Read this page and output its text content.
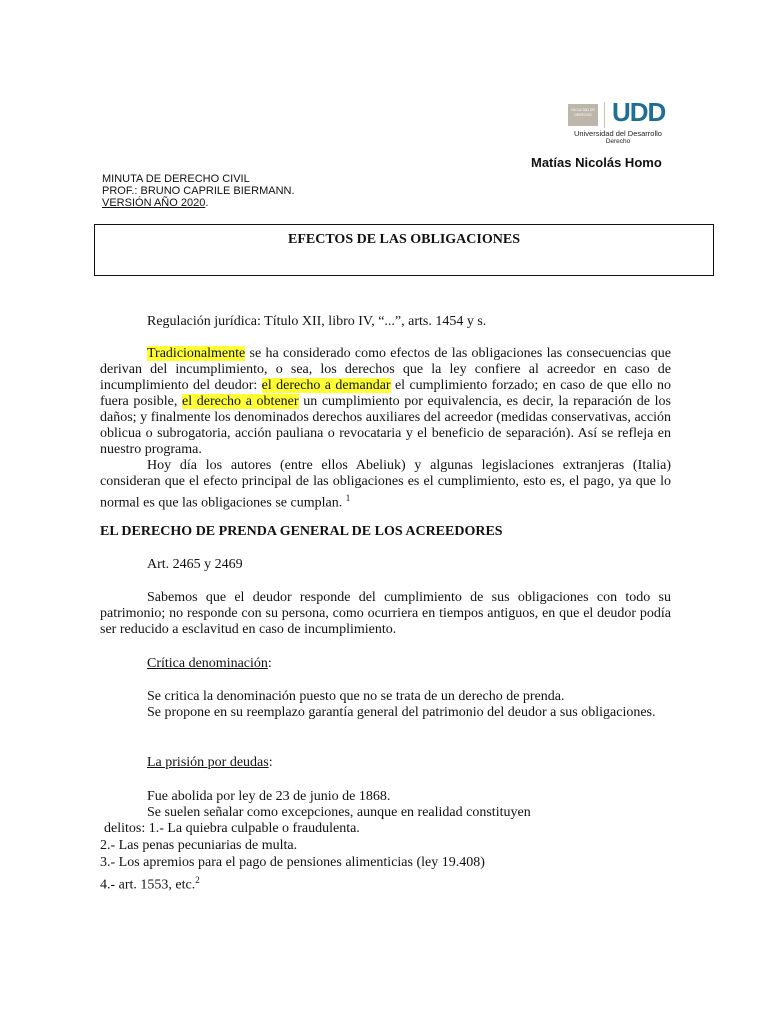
FACULTAD DE DERECHO UDD
Universidad del Desarrollo
Derecho
Matías Nicolás Homo
MINUTA DE DERECHO CIVIL
PROF.: BRUNO CAPRILE BIERMANN.
VERSIÓN AÑO 2020.
EFECTOS DE LAS OBLIGACIONES
Regulación jurídica: Título XII, libro IV, “...”, arts. 1454 y s.
Tradicionalmente se ha considerado como efectos de las obligaciones las consecuencias que derivan del incumplimiento, o sea, los derechos que la ley confiere al acreedor en caso de incumplimiento del deudor: el derecho a demandar el cumplimiento forzado; en caso de que ello no fuera posible, el derecho a obtener un cumplimiento por equivalencia, es decir, la reparación de los daños; y finalmente los denominados derechos auxiliares del acreedor (medidas conservativas, acción oblicua o subrogatoria, acción pauliana o revocataria y el beneficio de separación). Así se refleja en nuestro programa.
Hoy día los autores (entre ellos Abeliuk) y algunas legislaciones extranjeras (Italia) consideran que el efecto principal de las obligaciones es el cumplimiento, esto es, el pago, ya que lo normal es que las obligaciones se cumplan. $^1$
EL DERECHO DE PRENDA GENERAL DE LOS ACREEDORES
Art. 2465 y 2469
Sabemos que el deudor responde del cumplimiento de sus obligaciones con todo su patrimonio; no responde con su persona, como ocurriera en tiempos antiguos, en que el deudor podía ser reducido a esclavitud en caso de incumplimiento.
Crítica denominación:
Se critica la denominación puesto que no se trata de un derecho de prenda.
Se propone en su reemplazo garantía general del patrimonio del deudor a sus obligaciones.
La prisión por deudas:
Fue abolida por ley de 23 de junio de 1868.
Se suelen señalar como excepciones, aunque en realidad constituyen
delitos: 1.- La quiebra culpable o fraudulenta.
2.- Las penas pecuniarias de multa.
3.- Los apremios para el pago de pensiones alimenticias (ley 19.408)
4.- art. 1553, etc.$^2$
